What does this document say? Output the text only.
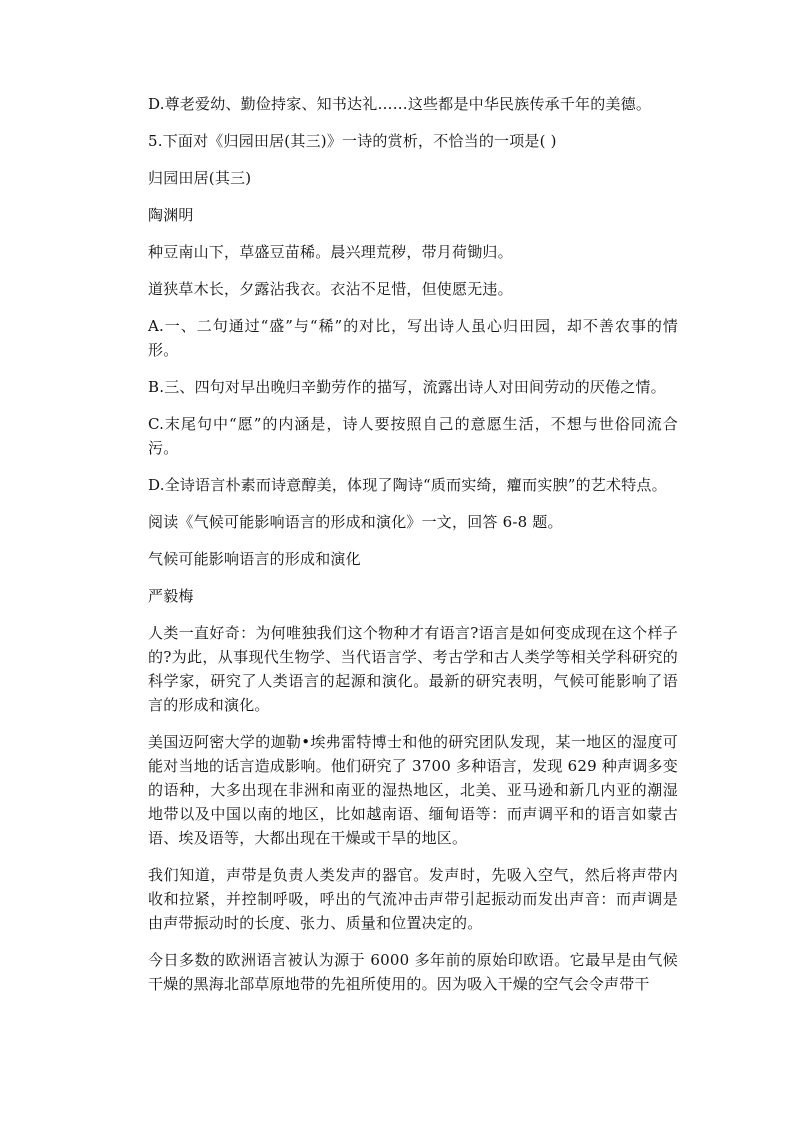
D.尊老爱幼、勤俭持家、知书达礼……这些都是中华民族传承千年的美德。

5.下面对《归园田居(其三)》一诗的赏析，不恰当的一项是( )

归园田居(其三)

陶渊明

种豆南山下，草盛豆苗稀。晨兴理荒秽，带月荷锄归。

道狭草木长，夕露沾我衣。衣沾不足惜，但使愿无违。

A.一、二句通过“盛”与“稀”的对比，写出诗人虽心归田园，却不善农事的情形。

B.三、四句对早出晚归辛勤劳作的描写，流露出诗人对田间劳动的厌倦之情。

C.末尾句中“愿”的内涵是，诗人要按照自己的意愿生活，不想与世俗同流合污。

D.全诗语言朴素而诗意醇美，体现了陶诗“质而实绮，癯而实腴”的艺术特点。

阅读《气候可能影响语言的形成和演化》一文，回答 6-8 题。

气候可能影响语言的形成和演化

严毅梅

人类一直好奇：为何唯独我们这个物种才有语言?语言是如何变成现在这个样子的?为此，从事现代生物学、当代语言学、考古学和古人类学等相关学科研究的科学家，研究了人类语言的起源和演化。最新的研究表明，气候可能影响了语言的形成和演化。

美国迈阿密大学的迦勒•埃弗雷特博士和他的研究团队发现，某一地区的湿度可能对当地的话言造成影响。他们研究了 3700 多种语言，发现 629 种声调多变的语种，大多出现在非洲和南亚的湿热地区，北美、亚马逊和新几内亚的潮湿地带以及中国以南的地区，比如越南语、缅甸语等：而声调平和的语言如蒙古语、埃及语等，大都出现在干燥或干旱的地区。

我们知道，声带是负责人类发声的器官。发声时，先吸入空气，然后将声带内收和拉紧，并控制呼吸，呼出的气流冲击声带引起振动而发出声音：而声调是由声带振动时的长度、张力、质量和位置决定的。

今日多数的欧洲语言被认为源于 6000 多年前的原始印欧语。它最早是由气候干燥的黑海北部草原地带的先祖所使用的。因为吸入干燥的空气会令声带干
